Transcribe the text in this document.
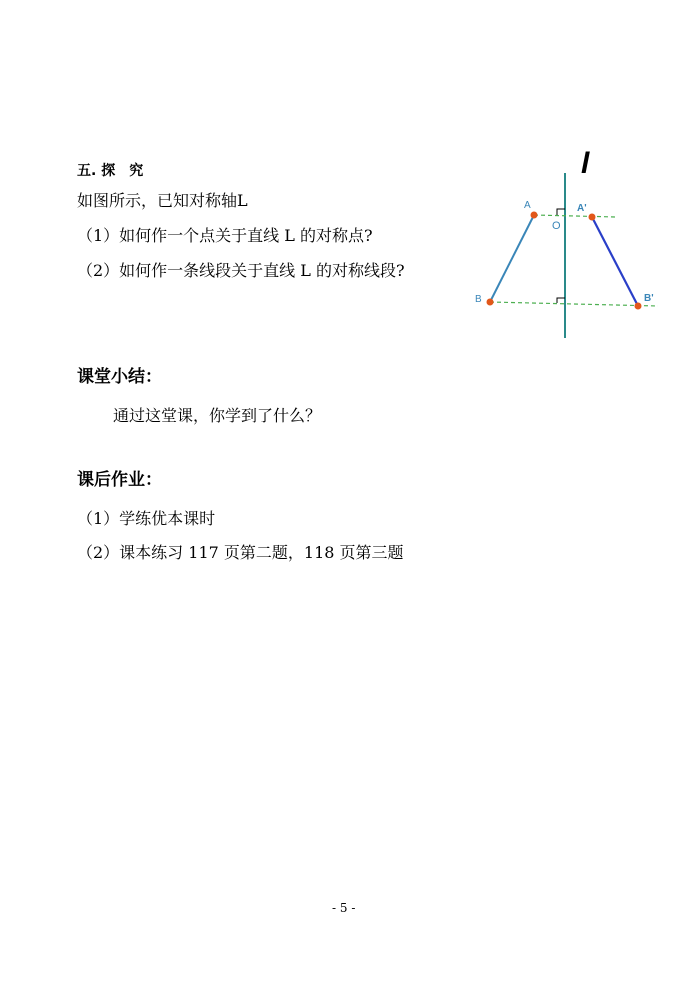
五. 探　究
如图所示，已知对称轴L
（1）如何作一个点关于直线 L 的对称点?
（2）如何作一条线段关于直线 L 的对称线段?
l
A	A'
O
B	B'
课堂小结：
通过这堂课，你学到了什么？
课后作业：
（1）学练优本课时
（2）课本练习 117 页第二题，118 页第三题
- 5 -
